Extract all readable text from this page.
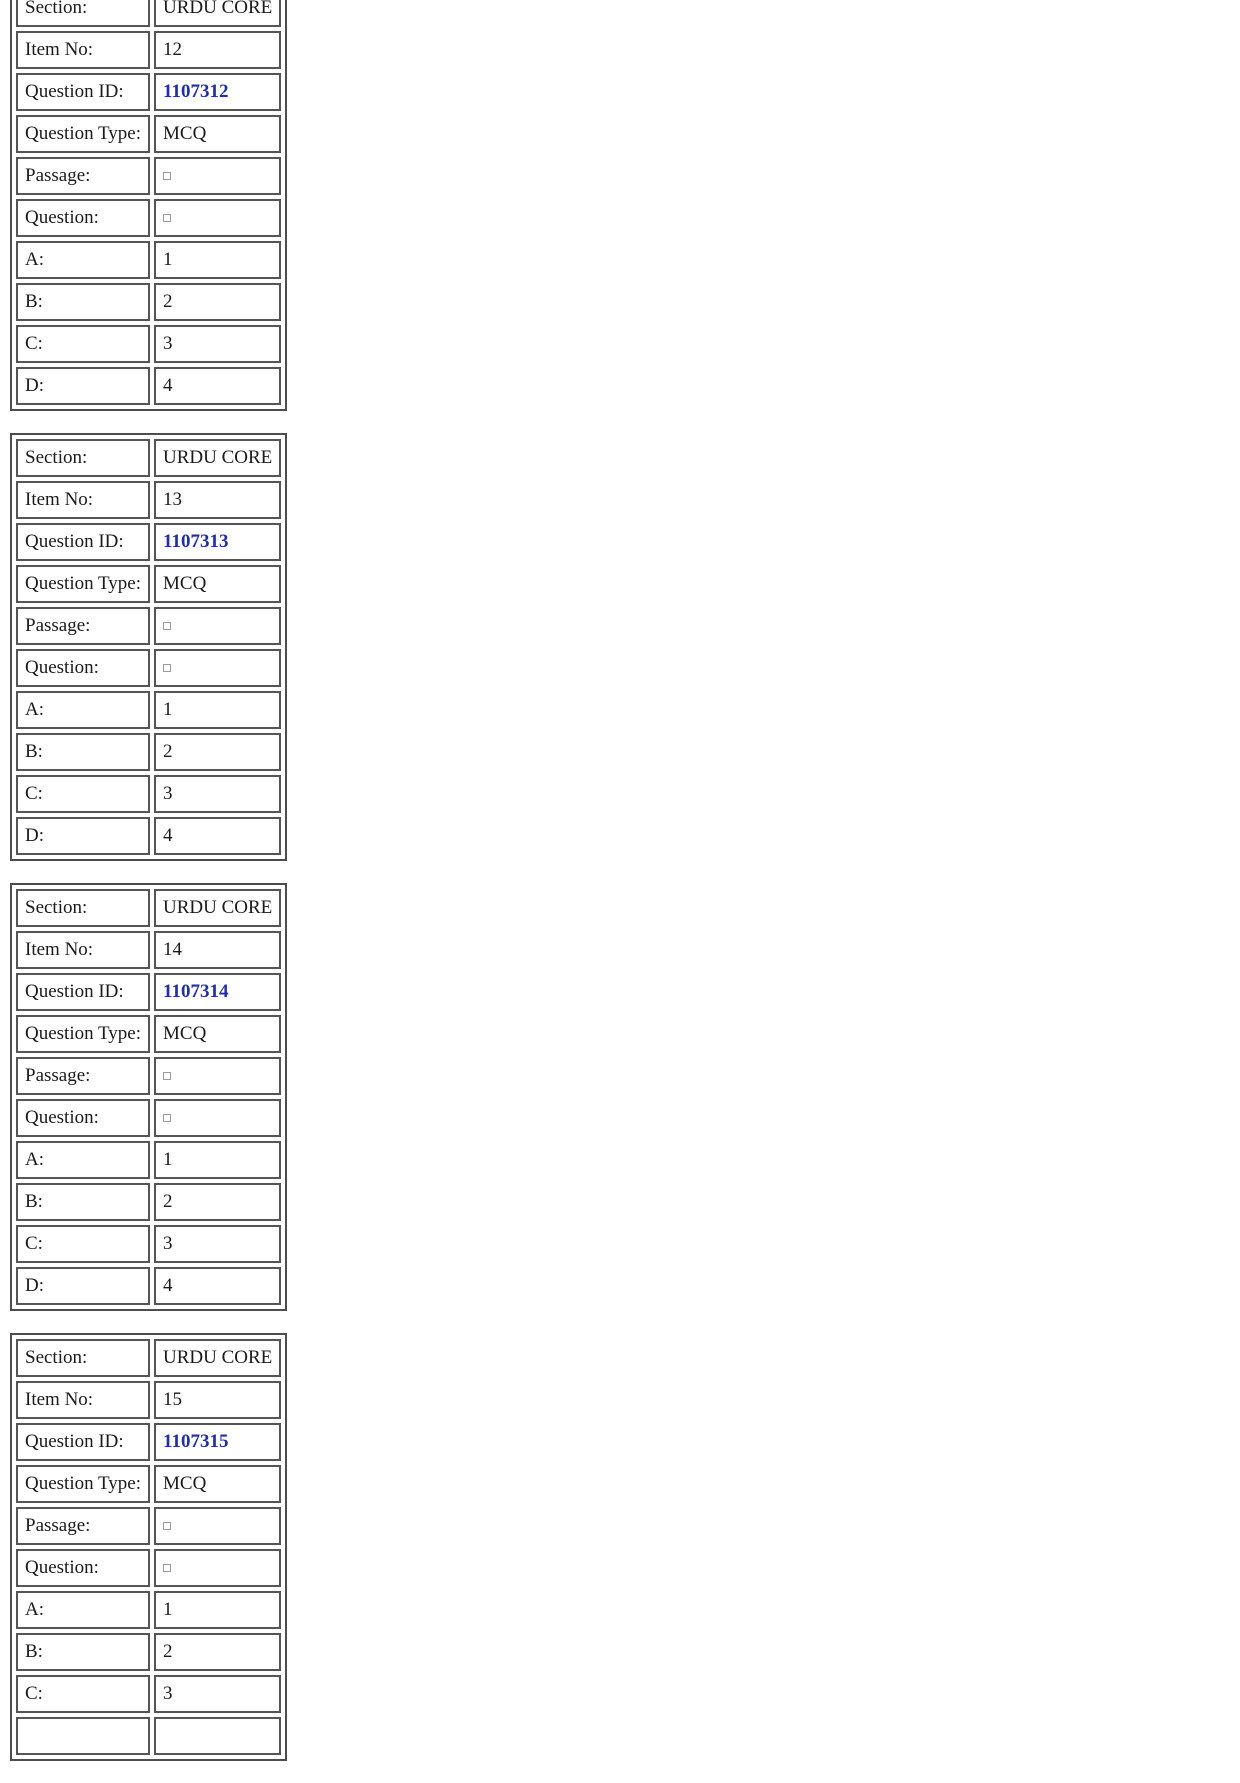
Section:	URDU CORE
Item No:	12
Question ID:	1107312
Question Type:	MCQ
Passage:	
Question:	
A:	1
B:	2
C:	3
D:	4
Section:	URDU CORE
Item No:	13
Question ID:	1107313
Question Type:	MCQ
Passage:	
Question:	
A:	1
B:	2
C:	3
D:	4
Section:	URDU CORE
Item No:	14
Question ID:	1107314
Question Type:	MCQ
Passage:	
Question:	
A:	1
B:	2
C:	3
D:	4
Section:	URDU CORE
Item No:	15
Question ID:	1107315
Question Type:	MCQ
Passage:	
Question:	
A:	1
B:	2
C:	3
